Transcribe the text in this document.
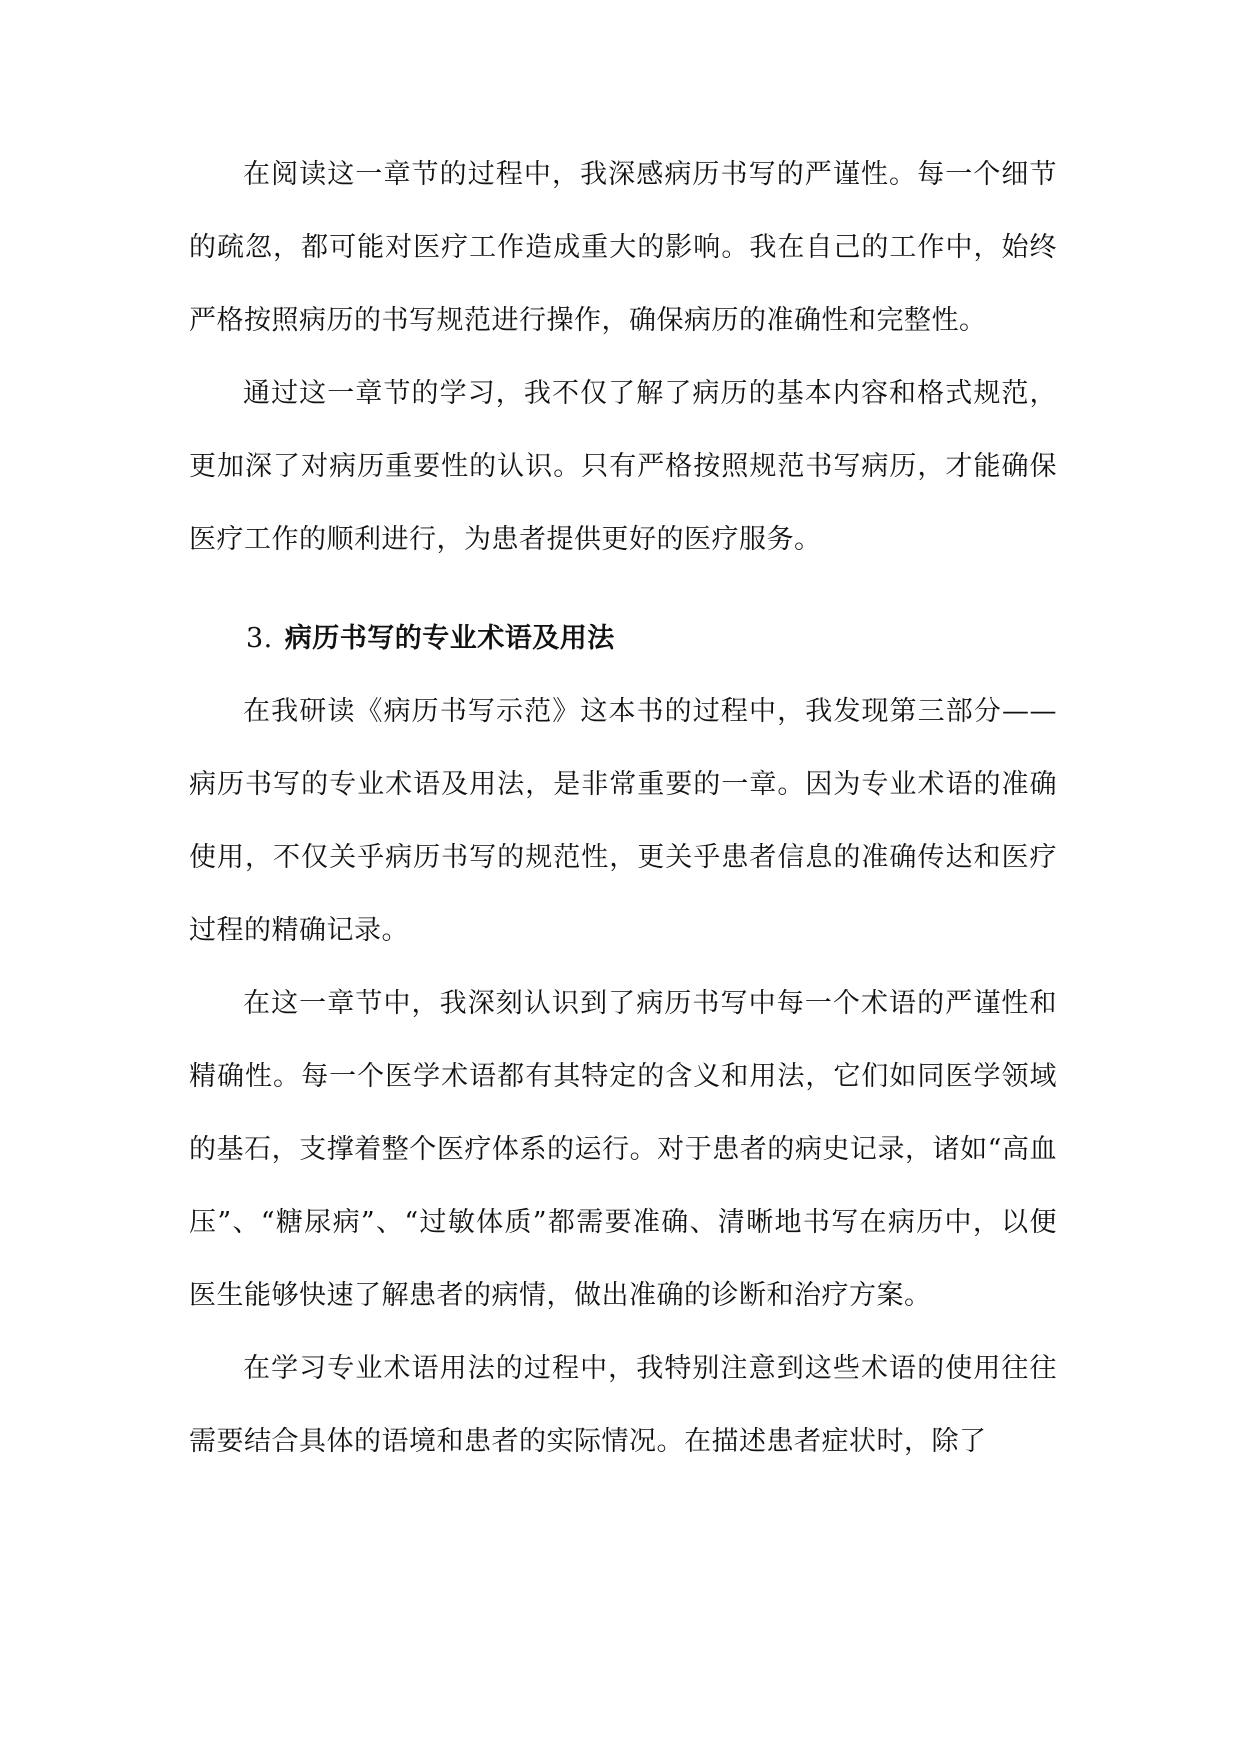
在阅读这一章节的过程中，我深感病历书写的严谨性。每一个细节的疏忽，都可能对医疗工作造成重大的影响。我在自己的工作中，始终严格按照病历的书写规范进行操作，确保病历的准确性和完整性。

通过这一章节的学习，我不仅了解了病历的基本内容和格式规范，更加深了对病历重要性的认识。只有严格按照规范书写病历，才能确保医疗工作的顺利进行，为患者提供更好的医疗服务。

3. 病历书写的专业术语及用法

在我研读《病历书写示范》这本书的过程中，我发现第三部分——病历书写的专业术语及用法，是非常重要的一章。因为专业术语的准确使用，不仅关乎病历书写的规范性，更关乎患者信息的准确传达和医疗过程的精确记录。

在这一章节中，我深刻认识到了病历书写中每一个术语的严谨性和精确性。每一个医学术语都有其特定的含义和用法，它们如同医学领域的基石，支撑着整个医疗体系的运行。对于患者的病史记录，诸如“高血压”、“糖尿病”、“过敏体质”都需要准确、清晰地书写在病历中，以便医生能够快速了解患者的病情，做出准确的诊断和治疗方案。

在学习专业术语用法的过程中，我特别注意到这些术语的使用往往需要结合具体的语境和患者的实际情况。在描述患者症状时，除了
